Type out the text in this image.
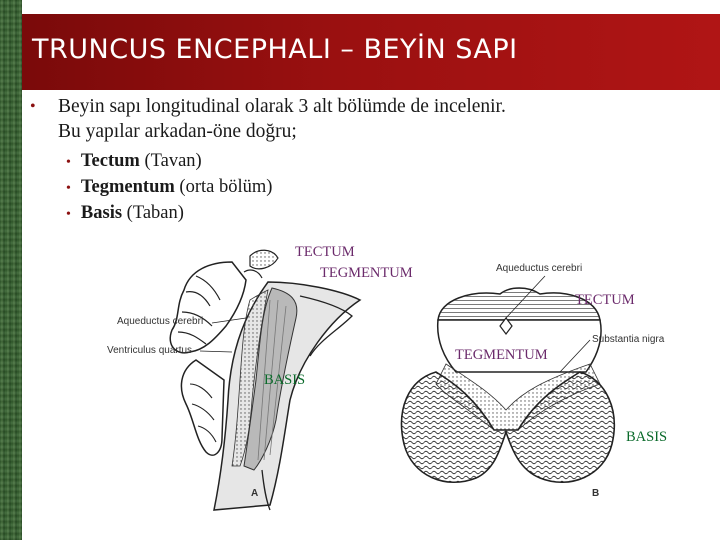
TRUNCUS ENCEPHALI – BEYİN SAPI
• Beyin sapı longitudinal olarak 3 alt bölümde de incelenir.
Bu yapılar arkadan-öne doğru;
• Tectum (Tavan)
• Tegmentum (orta bölüm)
• Basis (Taban)
Aqueductus cerebri
Ventriculus quartus
Aqueductus cerebri
Substantia nigra
A	B
TECTUM
TEGMENTUM
TECTUM
TEGMENTUM
BASIS
BASIS
